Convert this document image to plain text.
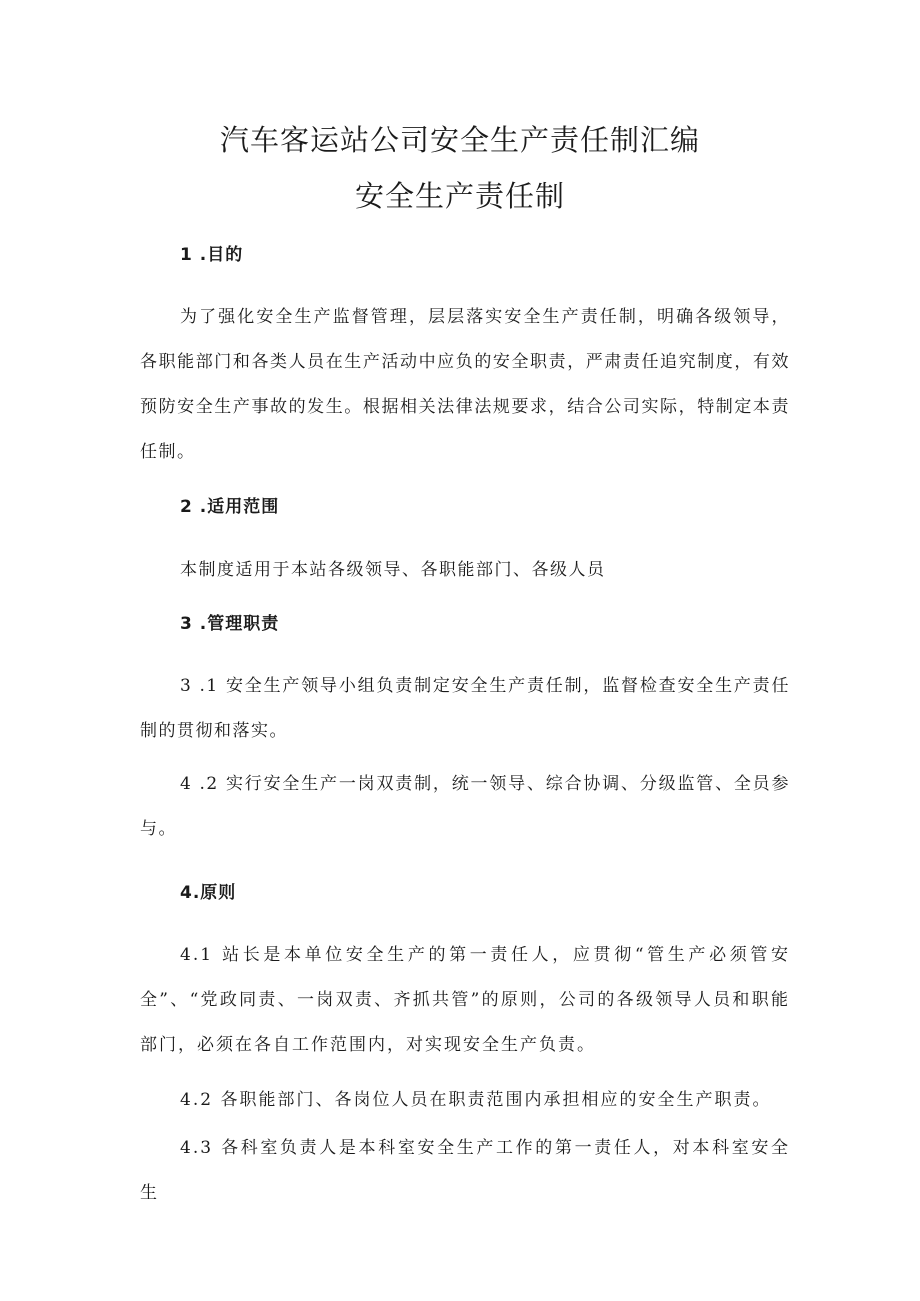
汽车客运站公司安全生产责任制汇编
安全生产责任制
1 .目的

为了强化安全生产监督管理，层层落实安全生产责任制，明确各级领导，各职能部门和各类人员在生产活动中应负的安全职责，严肃责任追究制度，有效预防安全生产事故的发生。根据相关法律法规要求，结合公司实际，特制定本责任制。

2 .适用范围

本制度适用于本站各级领导、各职能部门、各级人员

3 .管理职责

3 .1 安全生产领导小组负责制定安全生产责任制，监督检查安全生产责任制的贯彻和落实。

4 .2 实行安全生产一岗双责制，统一领导、综合协调、分级监管、全员参与。

4.原则

4.1 站长是本单位安全生产的第一责任人，应贯彻“管生产必须管安全”、“党政同责、一岗双责、齐抓共管”的原则，公司的各级领导人员和职能部门，必须在各自工作范围内，对实现安全生产负责。

4.2 各职能部门、各岗位人员在职责范围内承担相应的安全生产职责。

4.3 各科室负责人是本科室安全生产工作的第一责任人，对本科室安全生
